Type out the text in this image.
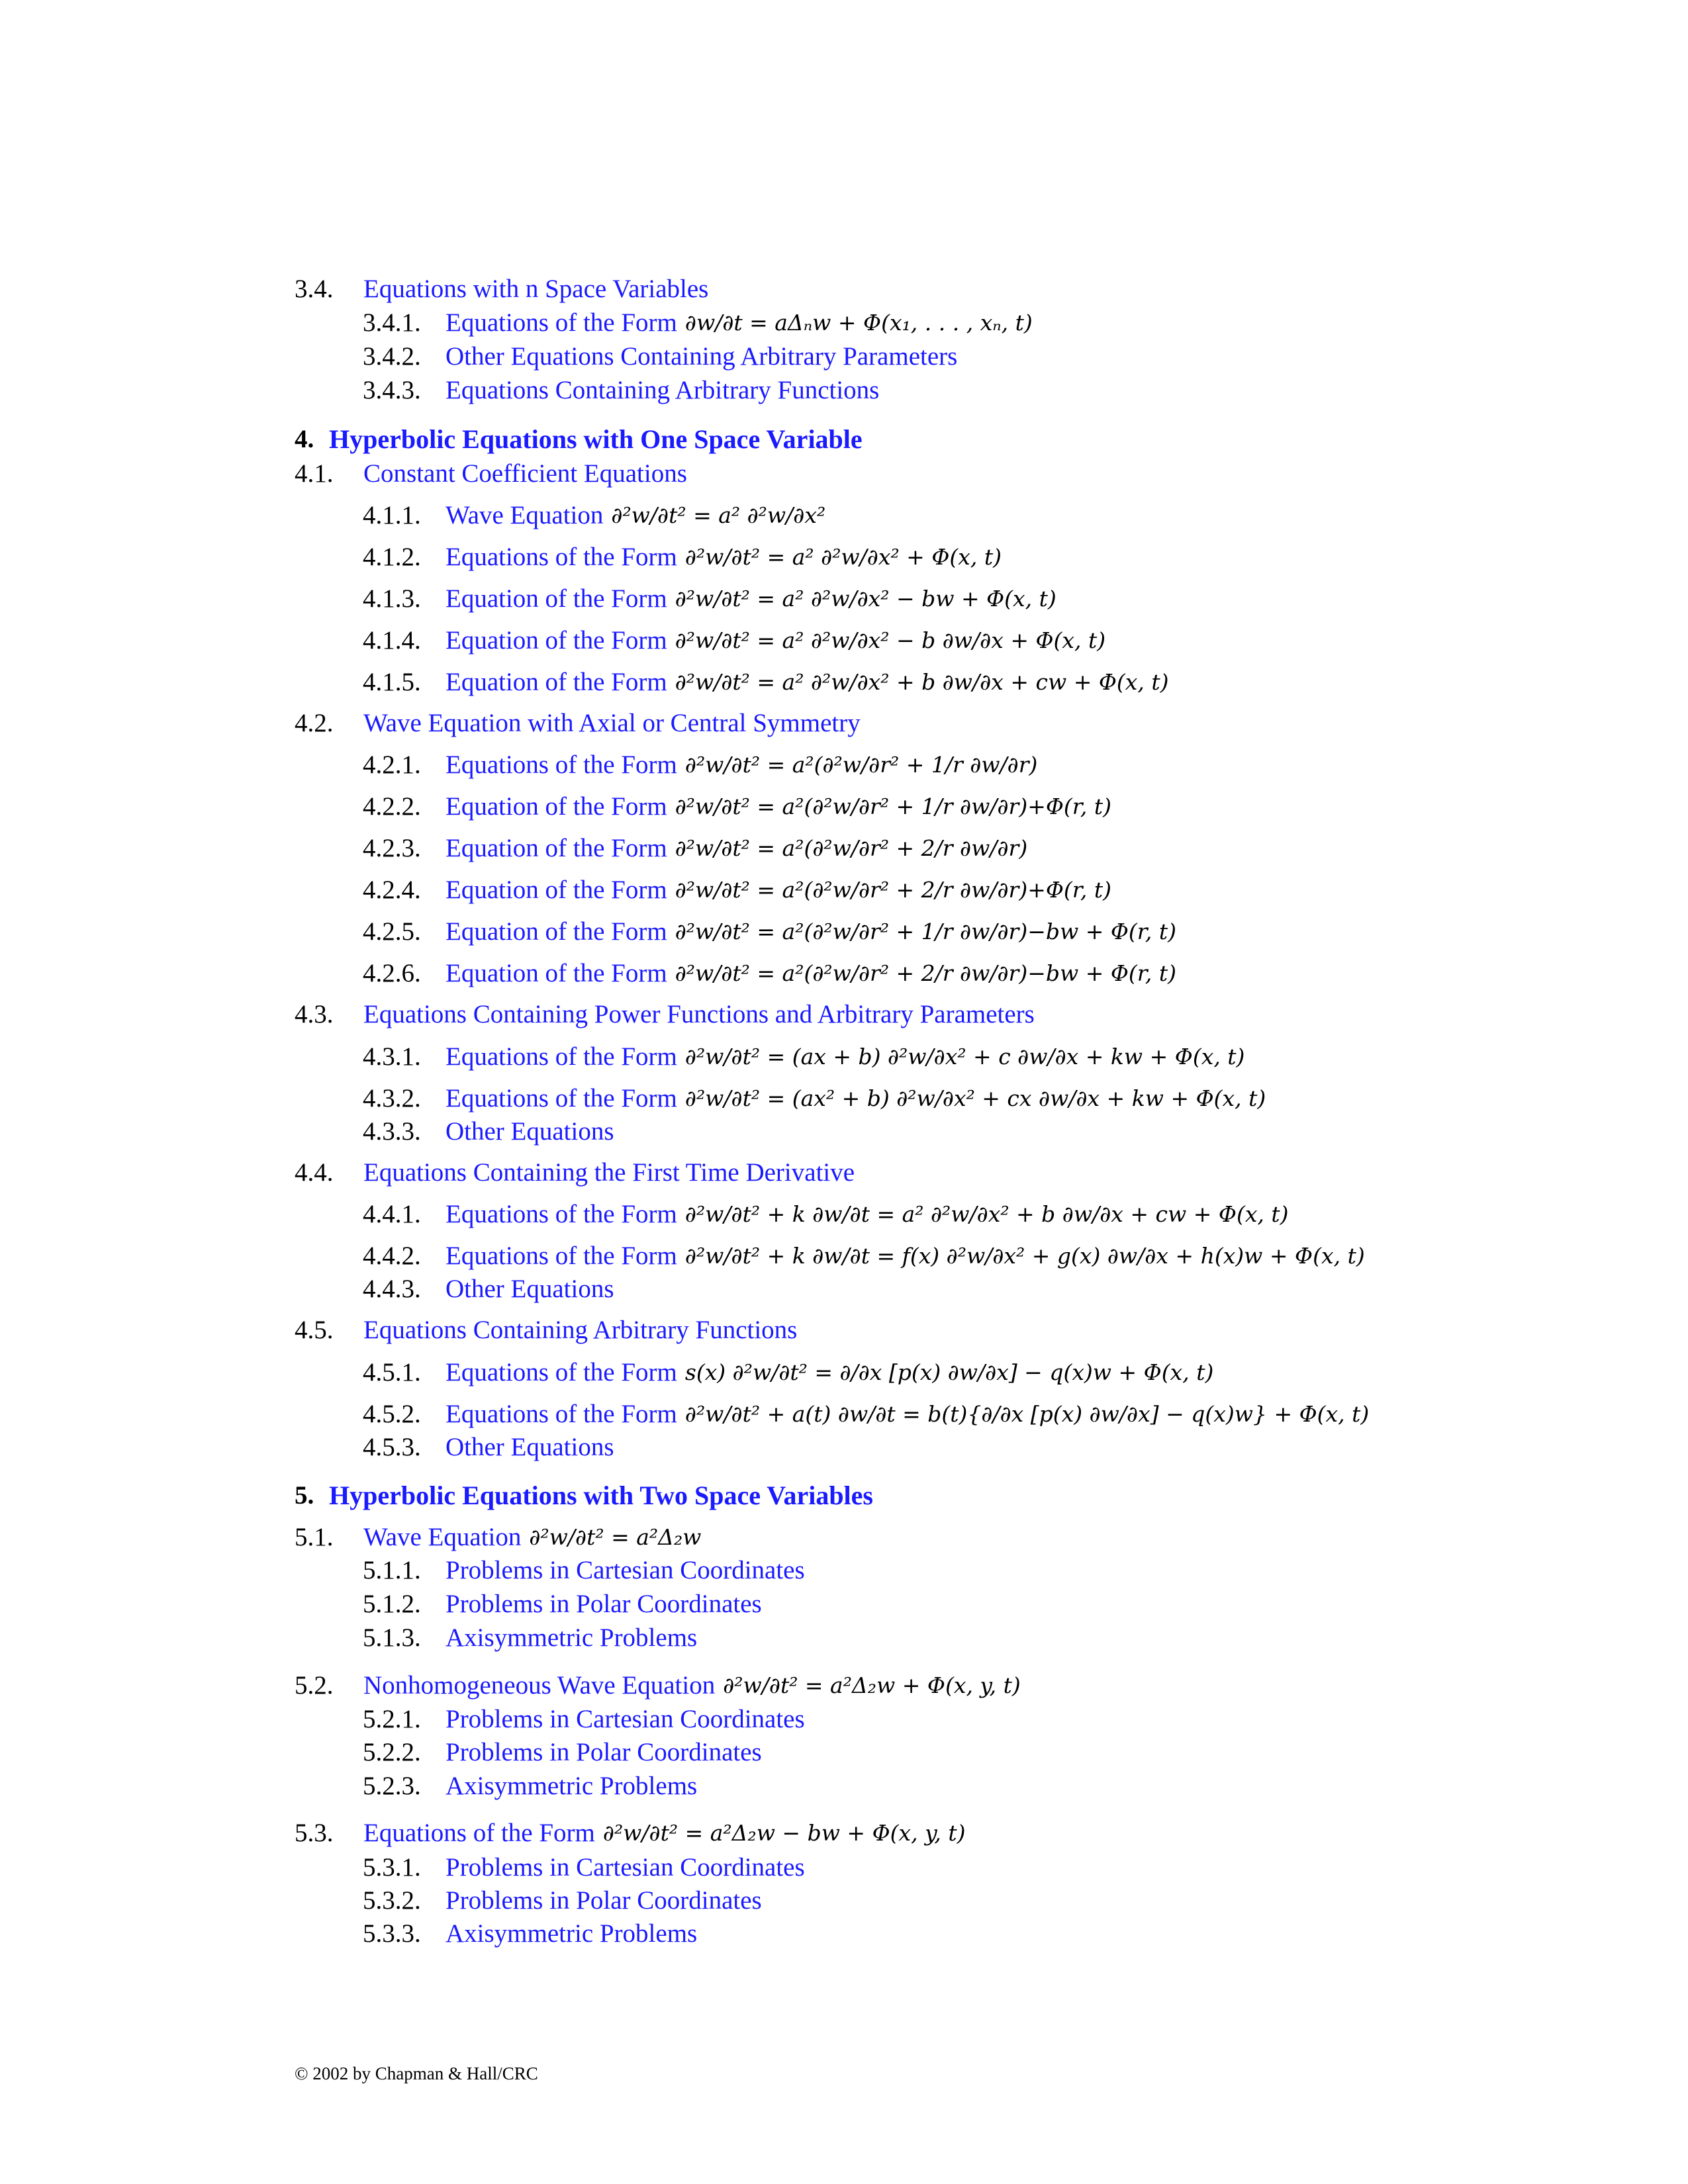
3.4.	Equations with n Space Variables
3.4.1. Equations of the Form ∂w/∂t = aΔₙw + Φ(x₁, . . . , xₙ, t)
3.4.2. Other Equations Containing Arbitrary Parameters
3.4.3. Equations Containing Arbitrary Functions
4. Hyperbolic Equations with One Space Variable
4.1.	Constant Coefficient Equations
4.1.1. Wave Equation ∂²w/∂t² = a² ∂²w/∂x²
4.1.2. Equations of the Form ∂²w/∂t² = a² ∂²w/∂x² + Φ(x, t)
4.1.3. Equation of the Form ∂²w/∂t² = a² ∂²w/∂x² − bw + Φ(x, t)
4.1.4. Equation of the Form ∂²w/∂t² = a² ∂²w/∂x² − b ∂w/∂x + Φ(x, t)
4.1.5. Equation of the Form ∂²w/∂t² = a² ∂²w/∂x² + b ∂w/∂x + cw + Φ(x, t)
4.2.	Wave Equation with Axial or Central Symmetry
4.2.1. Equations of the Form ∂²w/∂t² = a²(∂²w/∂r² + 1/r ∂w/∂r)
4.2.2. Equation of the Form ∂²w/∂t² = a²(∂²w/∂r² + 1/r ∂w/∂r)+Φ(r, t)
4.2.3. Equation of the Form ∂²w/∂t² = a²(∂²w/∂r² + 2/r ∂w/∂r)
4.2.4. Equation of the Form ∂²w/∂t² = a²(∂²w/∂r² + 2/r ∂w/∂r)+Φ(r, t)
4.2.5. Equation of the Form ∂²w/∂t² = a²(∂²w/∂r² + 1/r ∂w/∂r)−bw + Φ(r, t)
4.2.6. Equation of the Form ∂²w/∂t² = a²(∂²w/∂r² + 2/r ∂w/∂r)−bw + Φ(r, t)
4.3.	Equations Containing Power Functions and Arbitrary Parameters
4.3.1. Equations of the Form ∂²w/∂t² = (ax + b) ∂²w/∂x² + c ∂w/∂x + kw + Φ(x, t)
4.3.2. Equations of the Form ∂²w/∂t² = (ax² + b) ∂²w/∂x² + cx ∂w/∂x + kw + Φ(x, t)
4.3.3. Other Equations
4.4.	Equations Containing the First Time Derivative
4.4.1. Equations of the Form ∂²w/∂t² + k ∂w/∂t = a² ∂²w/∂x² + b ∂w/∂x + cw + Φ(x, t)
4.4.2. Equations of the Form ∂²w/∂t² + k ∂w/∂t = f(x) ∂²w/∂x² + g(x) ∂w/∂x + h(x)w + Φ(x, t)
4.4.3. Other Equations
4.5.	Equations Containing Arbitrary Functions
4.5.1. Equations of the Form s(x) ∂²w/∂t² = ∂/∂x [p(x) ∂w/∂x] − q(x)w + Φ(x, t)
4.5.2. Equations of the Form ∂²w/∂t² + a(t) ∂w/∂t = b(t){∂/∂x [p(x) ∂w/∂x] − q(x)w} + Φ(x, t)
4.5.3. Other Equations
5. Hyperbolic Equations with Two Space Variables
5.1.	Wave Equation ∂²w/∂t² = a²Δ₂w
5.1.1. Problems in Cartesian Coordinates
5.1.2. Problems in Polar Coordinates
5.1.3. Axisymmetric Problems
5.2.	Nonhomogeneous Wave Equation ∂²w/∂t² = a²Δ₂w + Φ(x, y, t)
5.2.1. Problems in Cartesian Coordinates
5.2.2. Problems in Polar Coordinates
5.2.3. Axisymmetric Problems
5.3.	Equations of the Form ∂²w/∂t² = a²Δ₂w − bw + Φ(x, y, t)
5.3.1. Problems in Cartesian Coordinates
5.3.2. Problems in Polar Coordinates
5.3.3. Axisymmetric Problems
© 2002 by Chapman & Hall/CRC
